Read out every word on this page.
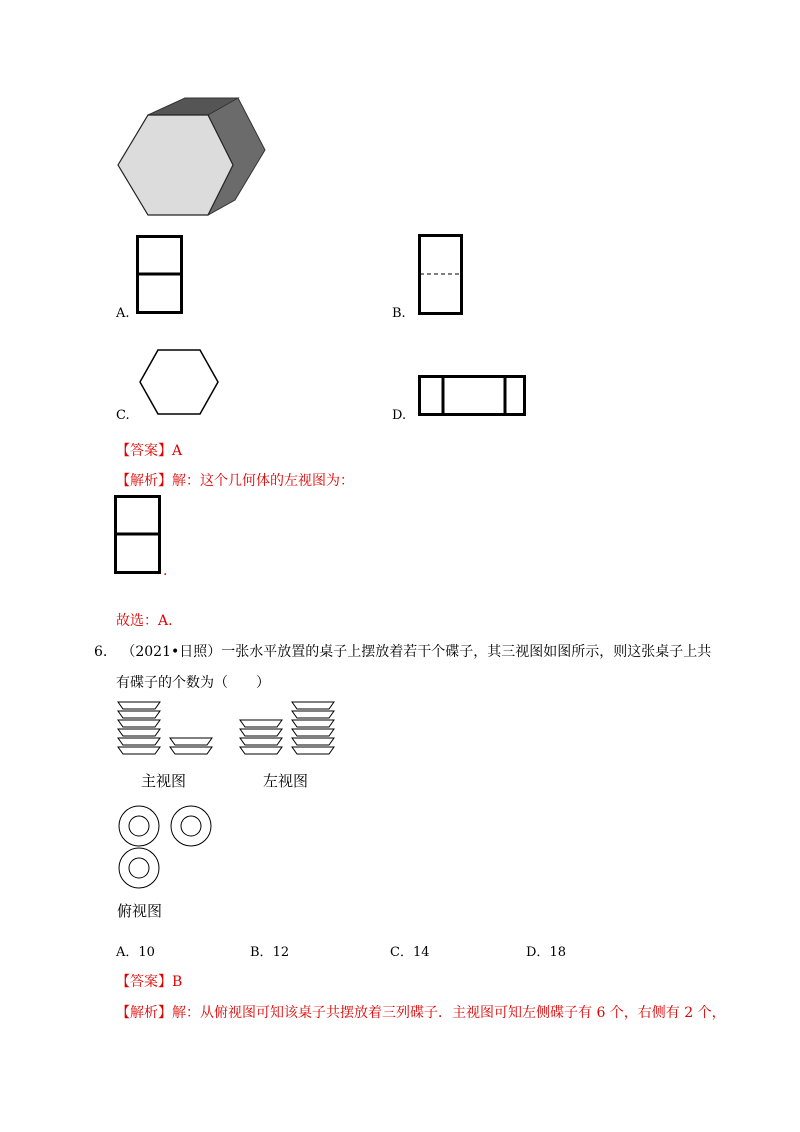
A.	B.
C.	D.
【答案】A
【解析】解：这个几何体的左视图为：
.
故选：A.
6. （2021•日照）一张水平放置的桌子上摆放着若干个碟子，其三视图如图所示，则这张桌子上共
有碟子的个数为（  ）
主视图	左视图
俯视图
A．10	B．12	C．14	D．18
【答案】B
【解析】解：从俯视图可知该桌子共摆放着三列碟子．主视图可知左侧碟子有 6 个，右侧有 2 个，
